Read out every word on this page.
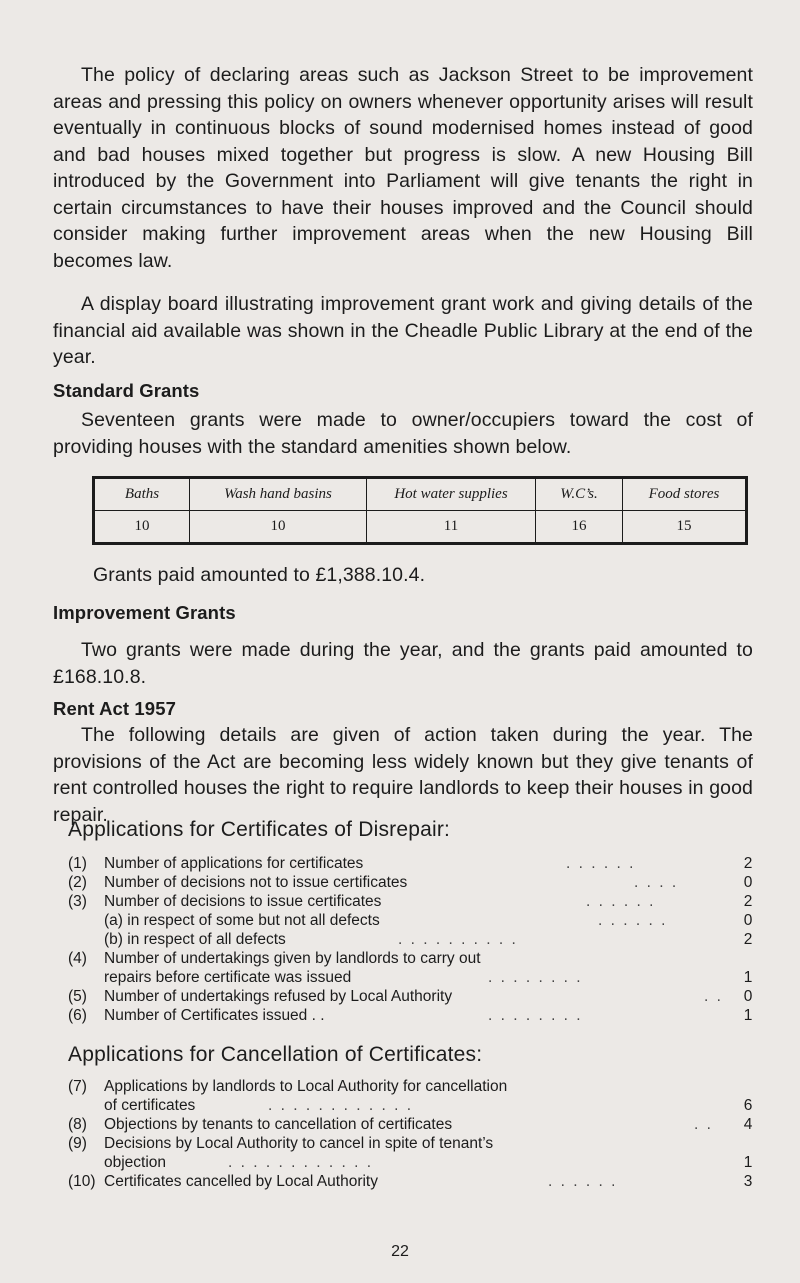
The policy of declaring areas such as Jackson Street to be improvement areas and pressing this policy on owners whenever opportunity arises will result eventually in continuous blocks of sound modernised homes instead of good and bad houses mixed together but progress is slow. A new Housing Bill introduced by the Government into Parliament will give tenants the right in certain circumstances to have their houses improved and the Council should consider making further improvement areas when the new Housing Bill becomes law.

A display board illustrating improvement grant work and giving details of the financial aid available was shown in the Cheadle Public Library at the end of the year.

Standard Grants

Seventeen grants were made to owner/occupiers toward the cost of providing houses with the standard amenities shown below.

Baths	Wash hand basins	Hot water supplies	W.C’s.	Food stores
10	10	11	16	15

Grants paid amounted to £1,388.10.4.

Improvement Grants

Two grants were made during the year, and the grants paid amounted to £168.10.8.

Rent Act 1957

The following details are given of action taken during the year. The provisions of the Act are becoming less widely known but they give tenants of rent controlled houses the right to require landlords to keep their houses in good repair.

Applications for Certificates of Disrepair:
(1)	Number of applications for certificates	. . . . . .	2
(2)	Number of decisions not to issue certificates	. . . .	0
(3)	Number of decisions to issue certificates	. . . . . .	2
(a) in respect of some but not all defects	. . . . . .	0
(b) in respect of all defects	. . . . . . . . . .	2
(4)	Number of undertakings given by landlords to carry out
repairs before certificate was issued	. . . . . . . .	1
(5)	Number of undertakings refused by Local Authority	. .	0
(6)	Number of Certificates issued . .	. . . . . . . .	1
Applications for Cancellation of Certificates:
(7)	Applications by landlords to Local Authority for cancellation
of certificates	. . . . . . . . . . . .	6
(8)	Objections by tenants to cancellation of certificates	. .	4
(9)	Decisions by Local Authority to cancel in spite of tenant’s
objection	. . . . . . . . . . . .	1
(10) Certificates cancelled by Local Authority	. . . . . .	3
22
